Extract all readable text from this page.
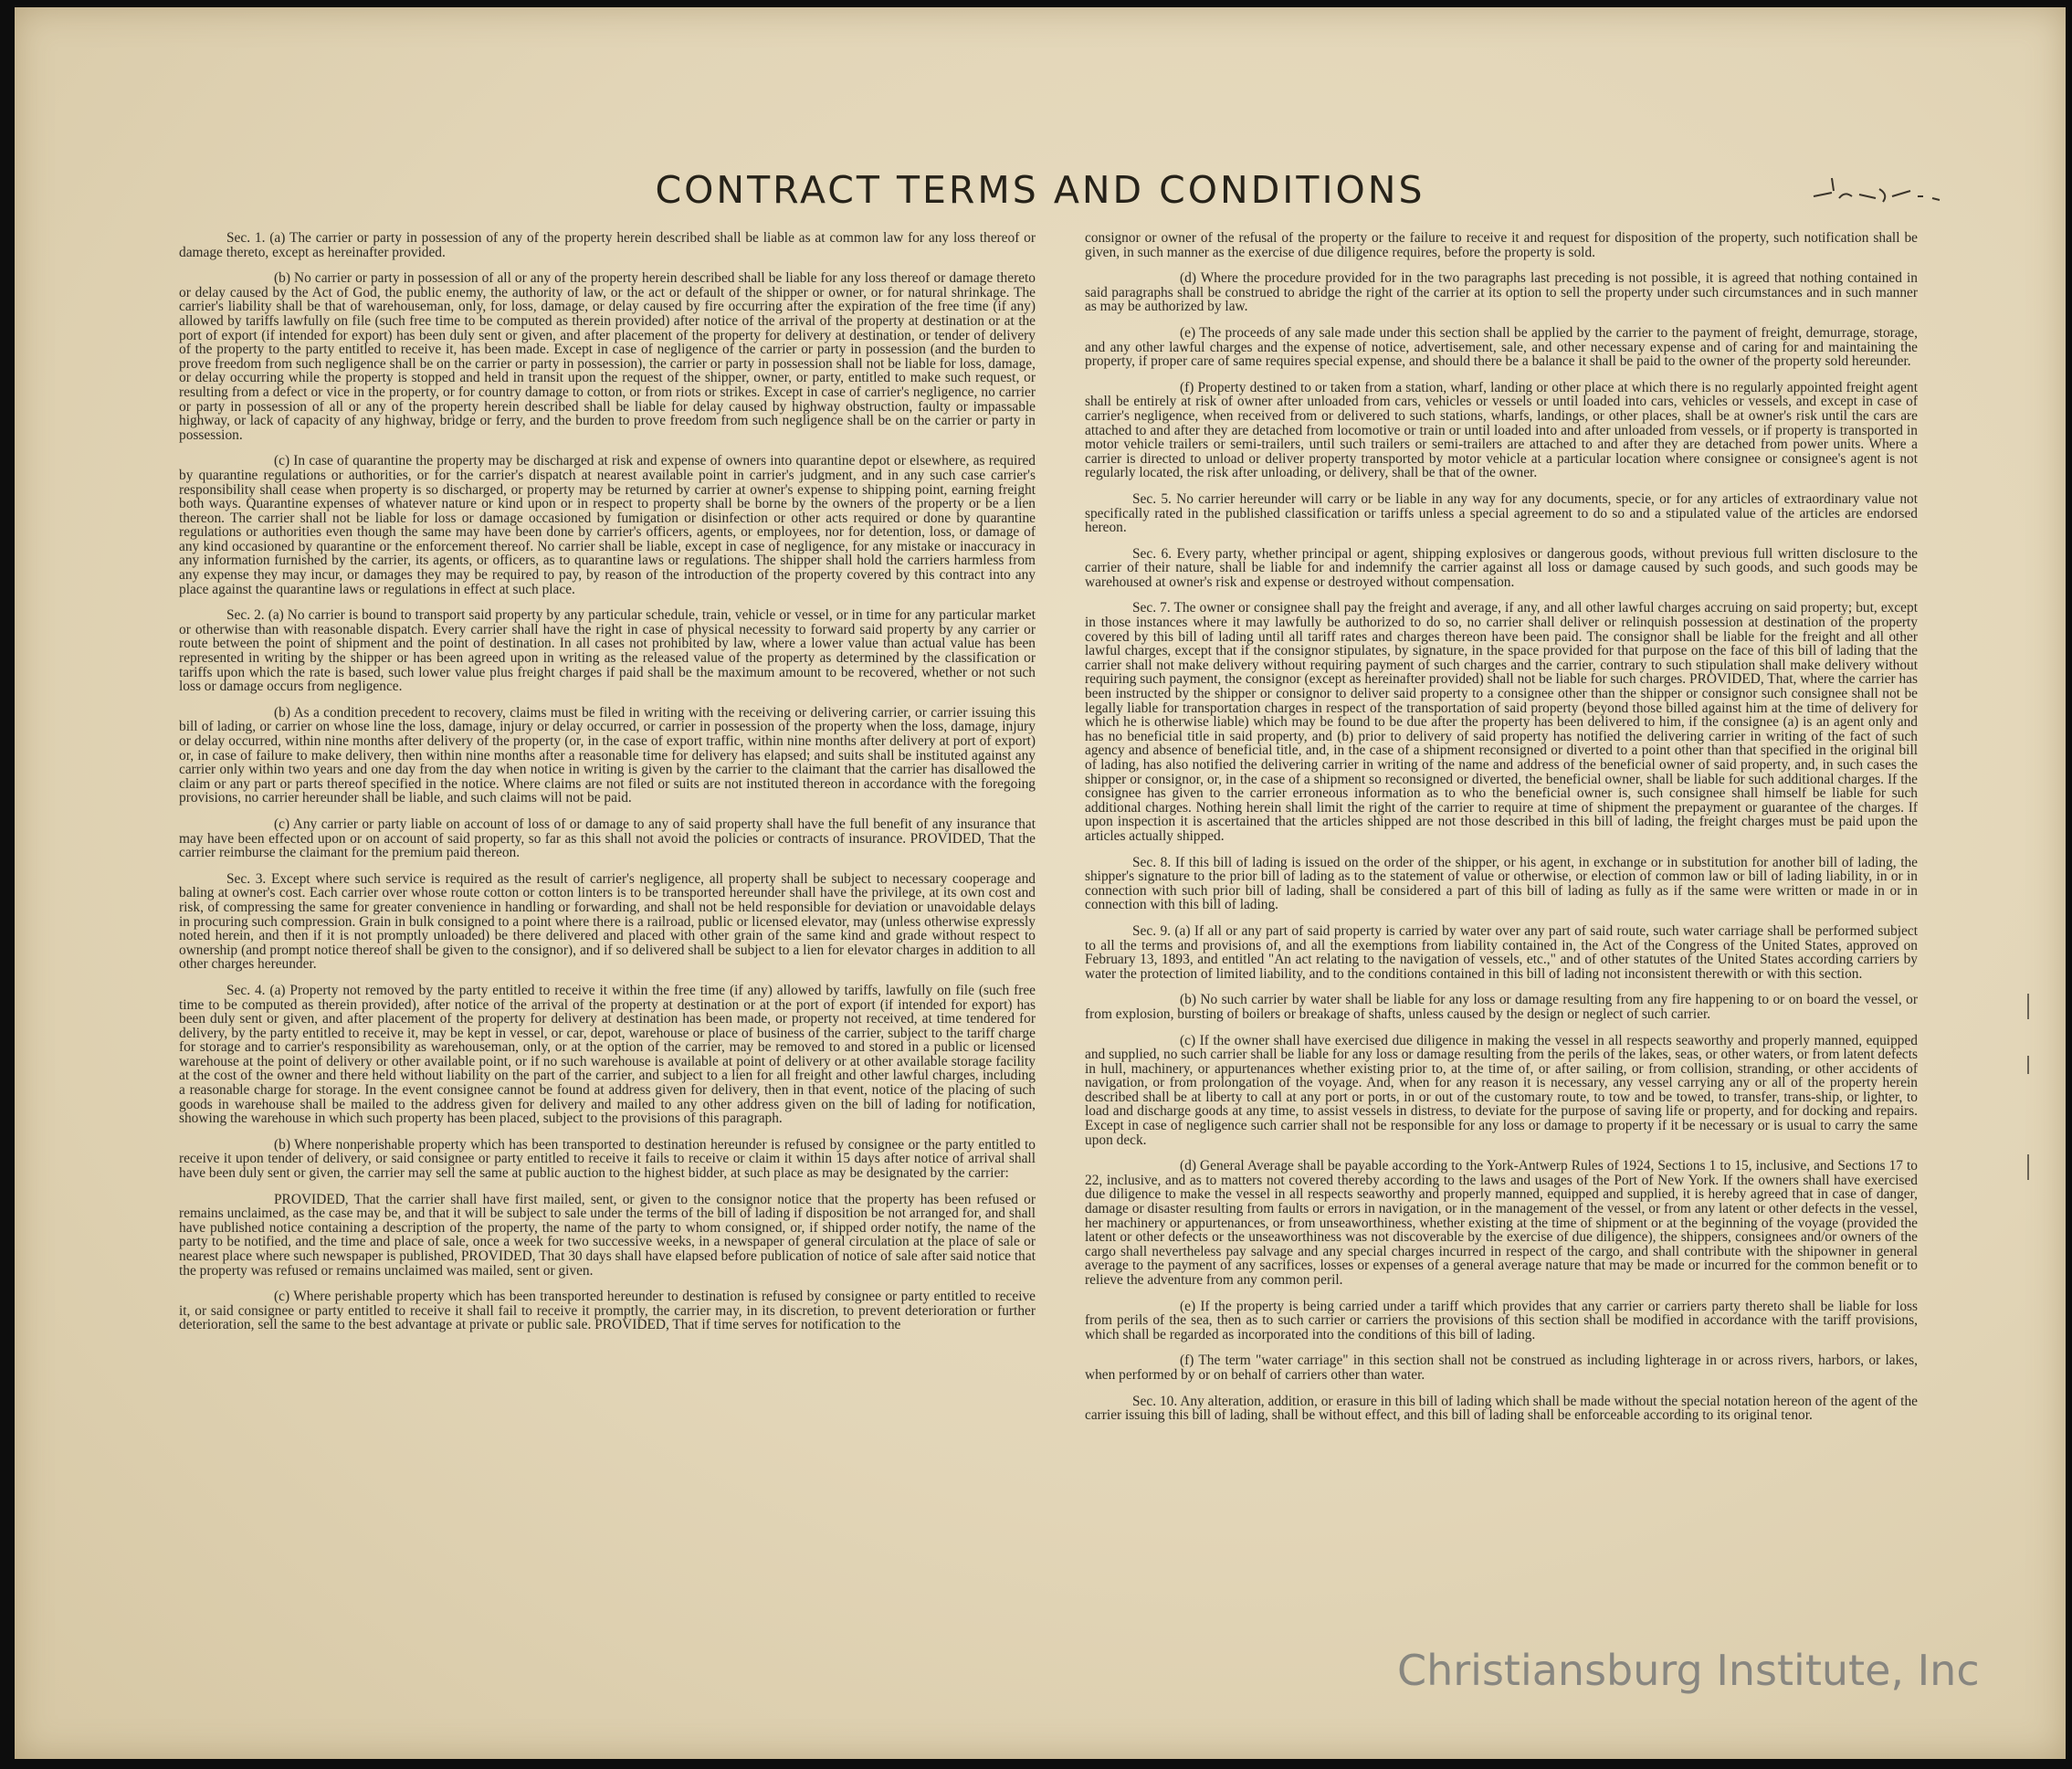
CONTRACT TERMS AND CONDITIONS

Sec. 1. (a) The carrier or party in possession of any of the property herein described shall be liable as at common law for any loss thereof or damage thereto, except as hereinafter provided.

(b) No carrier or party in possession of all or any of the property herein described shall be liable for any loss thereof or damage thereto or delay caused by the Act of God, the public enemy, the authority of law, or the act or default of the shipper or owner, or for natural shrinkage. The carrier's liability shall be that of warehouseman, only, for loss, damage, or delay caused by fire occurring after the expiration of the free time (if any) allowed by tariffs lawfully on file (such free time to be computed as therein provided) after notice of the arrival of the property at destination or at the port of export (if intended for export) has been duly sent or given, and after placement of the property for delivery at destination, or tender of delivery of the property to the party entitled to receive it, has been made. Except in case of negligence of the carrier or party in possession (and the burden to prove freedom from such negligence shall be on the carrier or party in possession), the carrier or party in possession shall not be liable for loss, damage, or delay occurring while the property is stopped and held in transit upon the request of the shipper, owner, or party, entitled to make such request, or resulting from a defect or vice in the property, or for country damage to cotton, or from riots or strikes. Except in case of carrier's negligence, no carrier or party in possession of all or any of the property herein described shall be liable for delay caused by highway obstruction, faulty or impassable highway, or lack of capacity of any highway, bridge or ferry, and the burden to prove freedom from such negligence shall be on the carrier or party in possession.

(c) In case of quarantine the property may be discharged at risk and expense of owners into quarantine depot or elsewhere, as required by quarantine regulations or authorities, or for the carrier's dispatch at nearest available point in carrier's judgment, and in any such case carrier's responsibility shall cease when property is so discharged, or property may be returned by carrier at owner's expense to shipping point, earning freight both ways. Quarantine expenses of whatever nature or kind upon or in respect to property shall be borne by the owners of the property or be a lien thereon. The carrier shall not be liable for loss or damage occasioned by fumigation or disinfection or other acts required or done by quarantine regulations or authorities even though the same may have been done by carrier's officers, agents, or employees, nor for detention, loss, or damage of any kind occasioned by quarantine or the enforcement thereof. No carrier shall be liable, except in case of negligence, for any mistake or inaccuracy in any information furnished by the carrier, its agents, or officers, as to quarantine laws or regulations. The shipper shall hold the carriers harmless from any expense they may incur, or damages they may be required to pay, by reason of the introduction of the property covered by this contract into any place against the quarantine laws or regulations in effect at such place.

Sec. 2. (a) No carrier is bound to transport said property by any particular schedule, train, vehicle or vessel, or in time for any particular market or otherwise than with reasonable dispatch. Every carrier shall have the right in case of physical necessity to forward said property by any carrier or route between the point of shipment and the point of destination. In all cases not prohibited by law, where a lower value than actual value has been represented in writing by the shipper or has been agreed upon in writing as the released value of the property as determined by the classification or tariffs upon which the rate is based, such lower value plus freight charges if paid shall be the maximum amount to be recovered, whether or not such loss or damage occurs from negligence.

(b) As a condition precedent to recovery, claims must be filed in writing with the receiving or delivering carrier, or carrier issuing this bill of lading, or carrier on whose line the loss, damage, injury or delay occurred, or carrier in possession of the property when the loss, damage, injury or delay occurred, within nine months after delivery of the property (or, in the case of export traffic, within nine months after delivery at port of export) or, in case of failure to make delivery, then within nine months after a reasonable time for delivery has elapsed; and suits shall be instituted against any carrier only within two years and one day from the day when notice in writing is given by the carrier to the claimant that the carrier has disallowed the claim or any part or parts thereof specified in the notice. Where claims are not filed or suits are not instituted thereon in accordance with the foregoing provisions, no carrier hereunder shall be liable, and such claims will not be paid.

(c) Any carrier or party liable on account of loss of or damage to any of said property shall have the full benefit of any insurance that may have been effected upon or on account of said property, so far as this shall not avoid the policies or contracts of insurance. PROVIDED, That the carrier reimburse the claimant for the premium paid thereon.

Sec. 3. Except where such service is required as the result of carrier's negligence, all property shall be subject to necessary cooperage and baling at owner's cost. Each carrier over whose route cotton or cotton linters is to be transported hereunder shall have the privilege, at its own cost and risk, of compressing the same for greater convenience in handling or forwarding, and shall not be held responsible for deviation or unavoidable delays in procuring such compression. Grain in bulk consigned to a point where there is a railroad, public or licensed elevator, may (unless otherwise expressly noted herein, and then if it is not promptly unloaded) be there delivered and placed with other grain of the same kind and grade without respect to ownership (and prompt notice thereof shall be given to the consignor), and if so delivered shall be subject to a lien for elevator charges in addition to all other charges hereunder.

Sec. 4. (a) Property not removed by the party entitled to receive it within the free time (if any) allowed by tariffs, lawfully on file (such free time to be computed as therein provided), after notice of the arrival of the property at destination or at the port of export (if intended for export) has been duly sent or given, and after placement of the property for delivery at destination has been made, or property not received, at time tendered for delivery, by the party entitled to receive it, may be kept in vessel, or car, depot, warehouse or place of business of the carrier, subject to the tariff charge for storage and to carrier's responsibility as warehouseman, only, or at the option of the carrier, may be removed to and stored in a public or licensed warehouse at the point of delivery or other available point, or if no such warehouse is available at point of delivery or at other available storage facility at the cost of the owner and there held without liability on the part of the carrier, and subject to a lien for all freight and other lawful charges, including a reasonable charge for storage. In the event consignee cannot be found at address given for delivery, then in that event, notice of the placing of such goods in warehouse shall be mailed to the address given for delivery and mailed to any other address given on the bill of lading for notification, showing the warehouse in which such property has been placed, subject to the provisions of this paragraph.

(b) Where nonperishable property which has been transported to destination hereunder is refused by consignee or the party entitled to receive it upon tender of delivery, or said consignee or party entitled to receive it fails to receive or claim it within 15 days after notice of arrival shall have been duly sent or given, the carrier may sell the same at public auction to the highest bidder, at such place as may be designated by the carrier:

PROVIDED, That the carrier shall have first mailed, sent, or given to the consignor notice that the property has been refused or remains unclaimed, as the case may be, and that it will be subject to sale under the terms of the bill of lading if disposition be not arranged for, and shall have published notice containing a description of the property, the name of the party to whom consigned, or, if shipped order notify, the name of the party to be notified, and the time and place of sale, once a week for two successive weeks, in a newspaper of general circulation at the place of sale or nearest place where such newspaper is published, PROVIDED, That 30 days shall have elapsed before publication of notice of sale after said notice that the property was refused or remains unclaimed was mailed, sent or given.

(c) Where perishable property which has been transported hereunder to destination is refused by consignee or party entitled to receive it, or said consignee or party entitled to receive it shall fail to receive it promptly, the carrier may, in its discretion, to prevent deterioration or further deterioration, sell the same to the best advantage at private or public sale. PROVIDED, That if time serves for notification to the

consignor or owner of the refusal of the property or the failure to receive it and request for disposition of the property, such notification shall be given, in such manner as the exercise of due diligence requires, before the property is sold.

(d) Where the procedure provided for in the two paragraphs last preceding is not possible, it is agreed that nothing contained in said paragraphs shall be construed to abridge the right of the carrier at its option to sell the property under such circumstances and in such manner as may be authorized by law.

(e) The proceeds of any sale made under this section shall be applied by the carrier to the payment of freight, demurrage, storage, and any other lawful charges and the expense of notice, advertisement, sale, and other necessary expense and of caring for and maintaining the property, if proper care of same requires special expense, and should there be a balance it shall be paid to the owner of the property sold hereunder.

(f) Property destined to or taken from a station, wharf, landing or other place at which there is no regularly appointed freight agent shall be entirely at risk of owner after unloaded from cars, vehicles or vessels or until loaded into cars, vehicles or vessels, and except in case of carrier's negligence, when received from or delivered to such stations, wharfs, landings, or other places, shall be at owner's risk until the cars are attached to and after they are detached from locomotive or train or until loaded into and after unloaded from vessels, or if property is transported in motor vehicle trailers or semi-trailers, until such trailers or semi-trailers are attached to and after they are detached from power units. Where a carrier is directed to unload or deliver property transported by motor vehicle at a particular location where consignee or consignee's agent is not regularly located, the risk after unloading, or delivery, shall be that of the owner.

Sec. 5. No carrier hereunder will carry or be liable in any way for any documents, specie, or for any articles of extraordinary value not specifically rated in the published classification or tariffs unless a special agreement to do so and a stipulated value of the articles are endorsed hereon.

Sec. 6. Every party, whether principal or agent, shipping explosives or dangerous goods, without previous full written disclosure to the carrier of their nature, shall be liable for and indemnify the carrier against all loss or damage caused by such goods, and such goods may be warehoused at owner's risk and expense or destroyed without compensation.

Sec. 7. The owner or consignee shall pay the freight and average, if any, and all other lawful charges accruing on said property; but, except in those instances where it may lawfully be authorized to do so, no carrier shall deliver or relinquish possession at destination of the property covered by this bill of lading until all tariff rates and charges thereon have been paid. The consignor shall be liable for the freight and all other lawful charges, except that if the consignor stipulates, by signature, in the space provided for that purpose on the face of this bill of lading that the carrier shall not make delivery without requiring payment of such charges and the carrier, contrary to such stipulation shall make delivery without requiring such payment, the consignor (except as hereinafter provided) shall not be liable for such charges. PROVIDED, That, where the carrier has been instructed by the shipper or consignor to deliver said property to a consignee other than the shipper or consignor such consignee shall not be legally liable for transportation charges in respect of the transportation of said property (beyond those billed against him at the time of delivery for which he is otherwise liable) which may be found to be due after the property has been delivered to him, if the consignee (a) is an agent only and has no beneficial title in said property, and (b) prior to delivery of said property has notified the delivering carrier in writing of the fact of such agency and absence of beneficial title, and, in the case of a shipment reconsigned or diverted to a point other than that specified in the original bill of lading, has also notified the delivering carrier in writing of the name and address of the beneficial owner of said property, and, in such cases the shipper or consignor, or, in the case of a shipment so reconsigned or diverted, the beneficial owner, shall be liable for such additional charges. If the consignee has given to the carrier erroneous information as to who the beneficial owner is, such consignee shall himself be liable for such additional charges. Nothing herein shall limit the right of the carrier to require at time of shipment the prepayment or guarantee of the charges. If upon inspection it is ascertained that the articles shipped are not those described in this bill of lading, the freight charges must be paid upon the articles actually shipped.

Sec. 8. If this bill of lading is issued on the order of the shipper, or his agent, in exchange or in substitution for another bill of lading, the shipper's signature to the prior bill of lading as to the statement of value or otherwise, or election of common law or bill of lading liability, in or in connection with such prior bill of lading, shall be considered a part of this bill of lading as fully as if the same were written or made in or in connection with this bill of lading.

Sec. 9. (a) If all or any part of said property is carried by water over any part of said route, such water carriage shall be performed subject to all the terms and provisions of, and all the exemptions from liability contained in, the Act of the Congress of the United States, approved on February 13, 1893, and entitled "An act relating to the navigation of vessels, etc.," and of other statutes of the United States according carriers by water the protection of limited liability, and to the conditions contained in this bill of lading not inconsistent therewith or with this section.

(b) No such carrier by water shall be liable for any loss or damage resulting from any fire happening to or on board the vessel, or from explosion, bursting of boilers or breakage of shafts, unless caused by the design or neglect of such carrier.

(c) If the owner shall have exercised due diligence in making the vessel in all respects seaworthy and properly manned, equipped and supplied, no such carrier shall be liable for any loss or damage resulting from the perils of the lakes, seas, or other waters, or from latent defects in hull, machinery, or appurtenances whether existing prior to, at the time of, or after sailing, or from collision, stranding, or other accidents of navigation, or from prolongation of the voyage. And, when for any reason it is necessary, any vessel carrying any or all of the property herein described shall be at liberty to call at any port or ports, in or out of the customary route, to tow and be towed, to transfer, trans-ship, or lighter, to load and discharge goods at any time, to assist vessels in distress, to deviate for the purpose of saving life or property, and for docking and repairs. Except in case of negligence such carrier shall not be responsible for any loss or damage to property if it be necessary or is usual to carry the same upon deck.

(d) General Average shall be payable according to the York-Antwerp Rules of 1924, Sections 1 to 15, inclusive, and Sections 17 to 22, inclusive, and as to matters not covered thereby according to the laws and usages of the Port of New York. If the owners shall have exercised due diligence to make the vessel in all respects seaworthy and properly manned, equipped and supplied, it is hereby agreed that in case of danger, damage or disaster resulting from faults or errors in navigation, or in the management of the vessel, or from any latent or other defects in the vessel, her machinery or appurtenances, or from unseaworthiness, whether existing at the time of shipment or at the beginning of the voyage (provided the latent or other defects or the unseaworthiness was not discoverable by the exercise of due diligence), the shippers, consignees and/or owners of the cargo shall nevertheless pay salvage and any special charges incurred in respect of the cargo, and shall contribute with the shipowner in general average to the payment of any sacrifices, losses or expenses of a general average nature that may be made or incurred for the common benefit or to relieve the adventure from any common peril.

(e) If the property is being carried under a tariff which provides that any carrier or carriers party thereto shall be liable for loss from perils of the sea, then as to such carrier or carriers the provisions of this section shall be modified in accordance with the tariff provisions, which shall be regarded as incorporated into the conditions of this bill of lading.

(f) The term "water carriage" in this section shall not be construed as including lighterage in or across rivers, harbors, or lakes, when performed by or on behalf of carriers other than water.

Sec. 10. Any alteration, addition, or erasure in this bill of lading which shall be made without the special notation hereon of the agent of the carrier issuing this bill of lading, shall be without effect, and this bill of lading shall be enforceable according to its original tenor.

Christiansburg Institute, Inc
